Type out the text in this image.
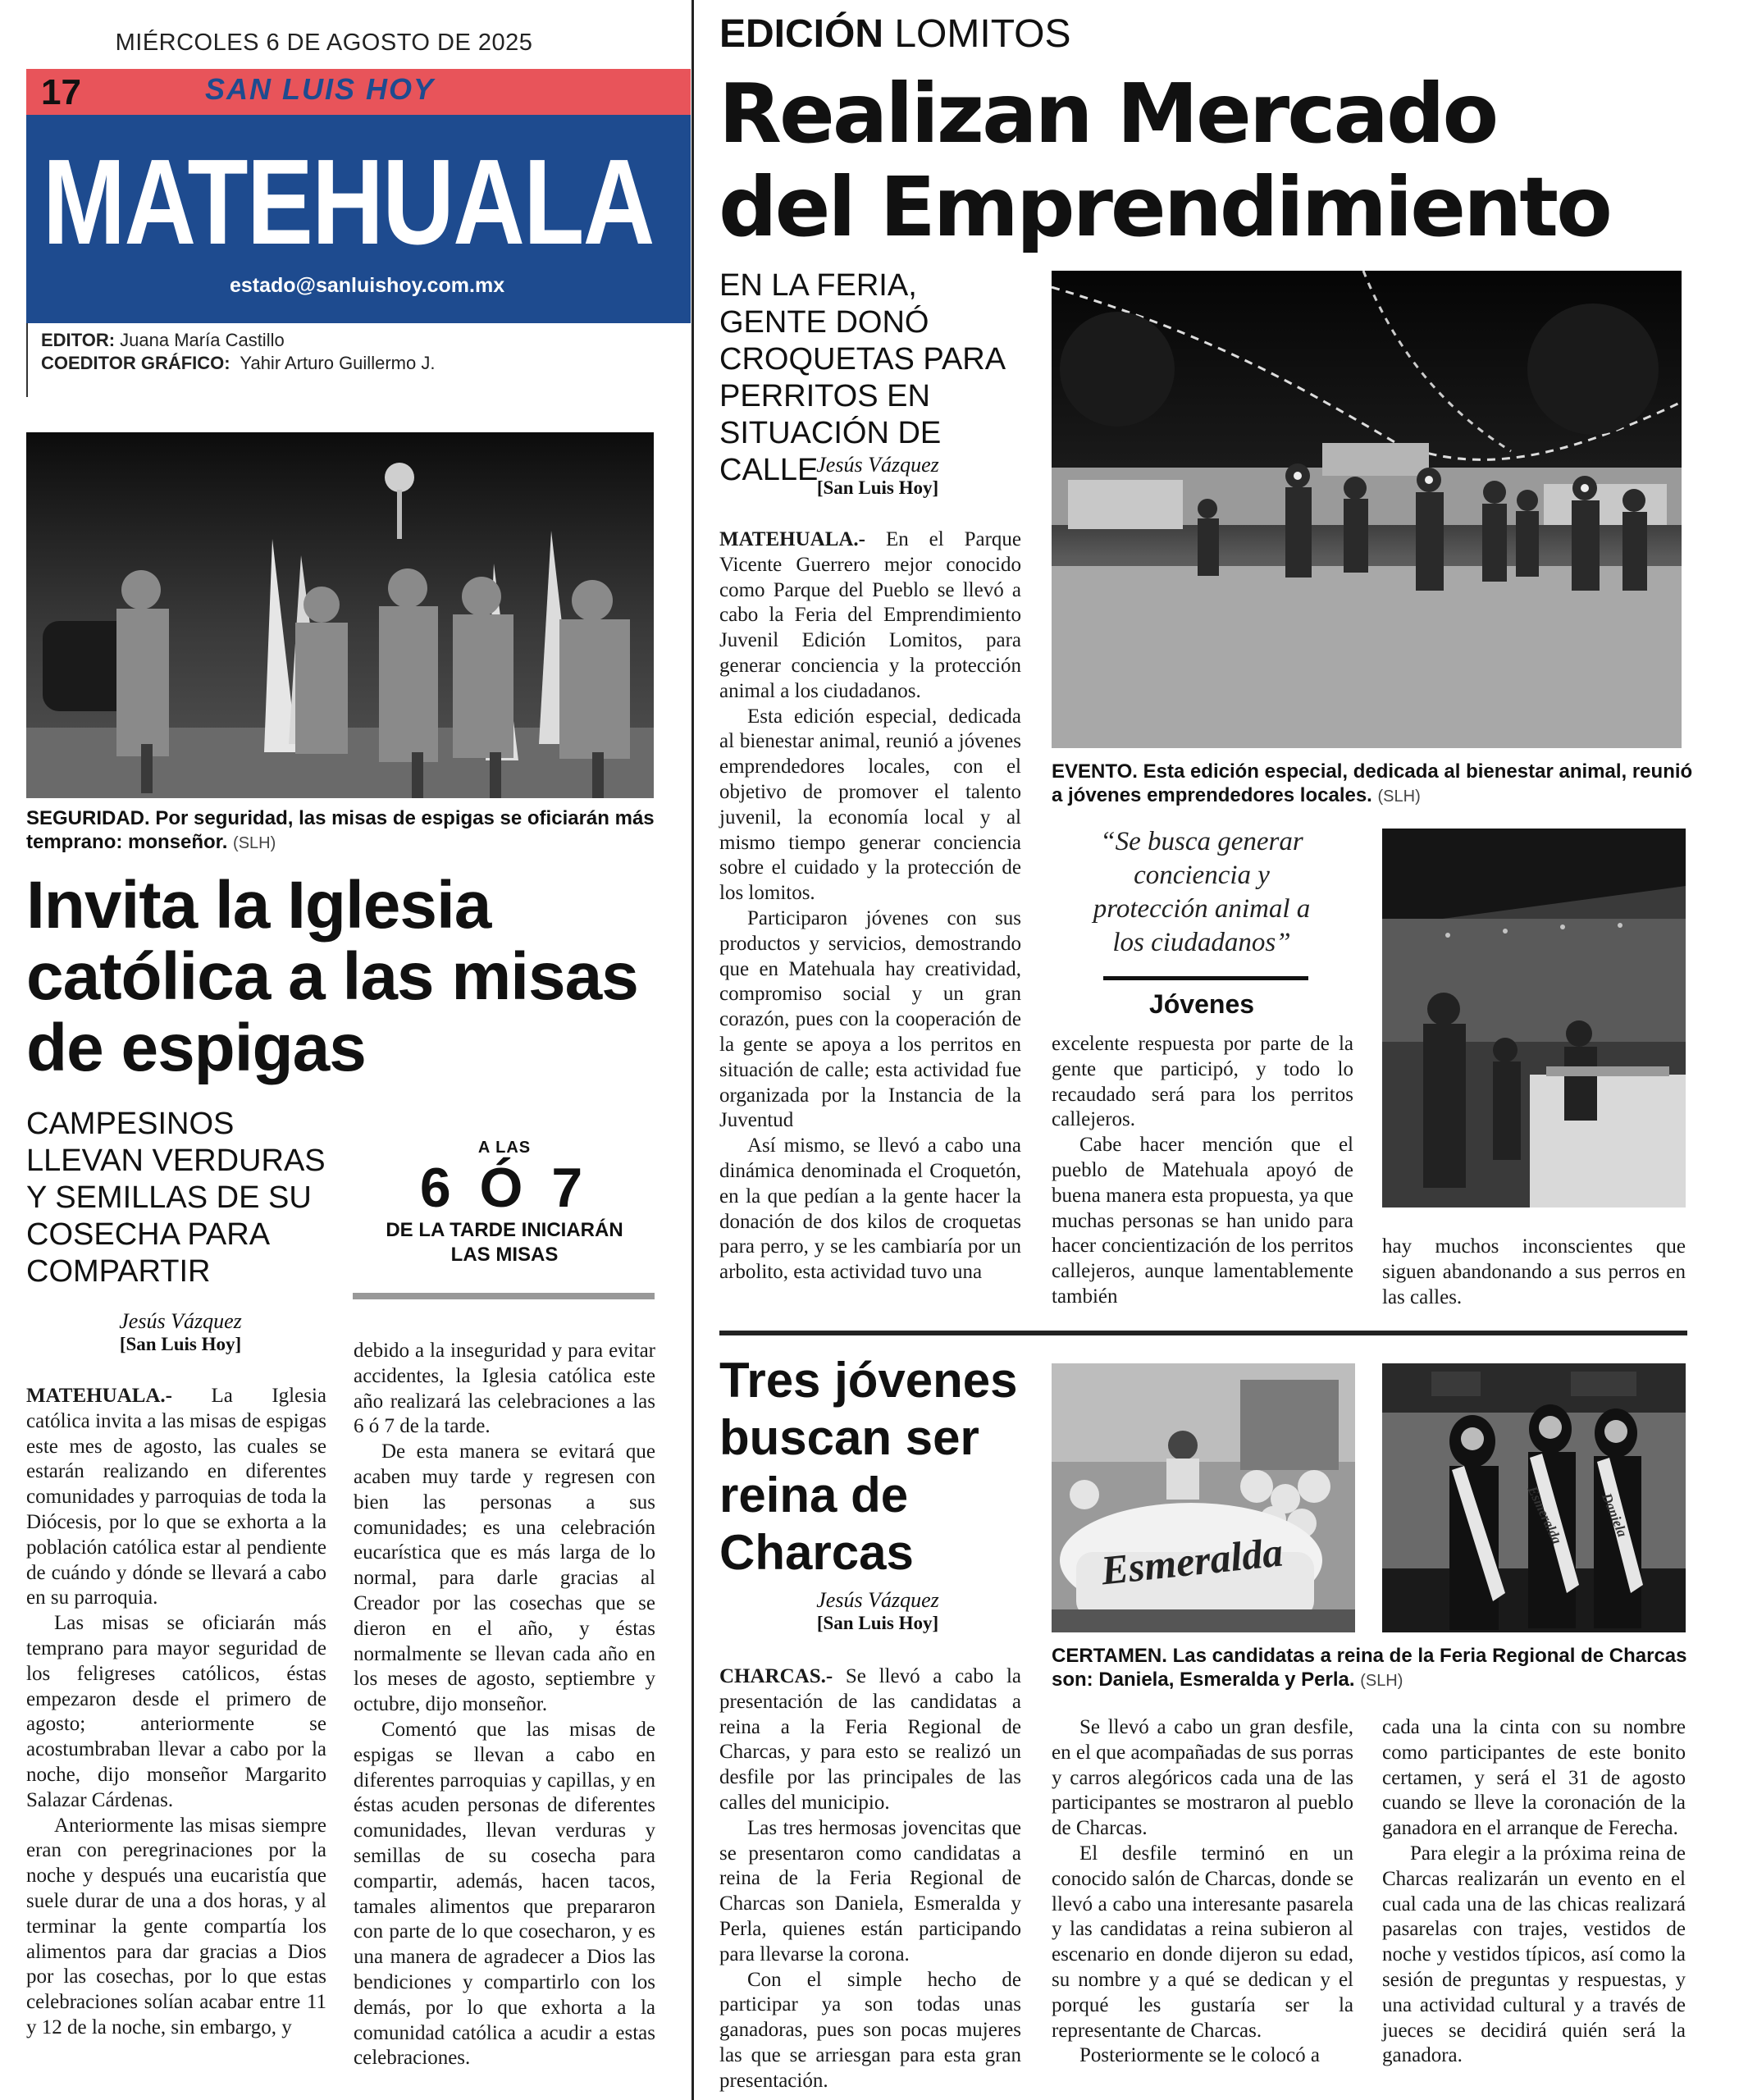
MIÉRCOLES 6 DE AGOSTO DE 2025
17	SAN LUIS HOY
MATEHUALA
estado@sanluishoy.com.mx
EDITOR: Juana María Castillo
COEDITOR GRÁFICO: Yahir Arturo Guillermo J.
SEGURIDAD. Por seguridad, las misas de espigas se oficiarán más temprano: monseñor. (SLH)
Invita la Iglesia católica a las misas de espigas
CAMPESINOS LLEVAN VERDURAS Y SEMILLAS DE SU COSECHA PARA COMPARTIR
A LAS
6 Ó 7
DE LA TARDE INICIARÁN LAS MISAS
Jesús Vázquez
[San Luis Hoy]

MATEHUALA.- La Iglesia católica invita a las misas de espigas este mes de agosto, las cuales se estarán realizando en diferentes comunidades y parroquias de toda la Diócesis, por lo que se exhorta a la población católica estar al pendiente de cuándo y dónde se llevará a cabo en su parroquia.

Las misas se oficiarán más temprano para mayor seguridad de los feligreses católicos, éstas empezaron desde el primero de agosto; anteriormente se acostumbraban llevar a cabo por la noche, dijo monseñor Margarito Salazar Cárdenas.

Anteriormente las misas siempre eran con peregrinaciones por la noche y después una eucaristía que suele durar de una a dos horas, y al terminar la gente compartía los alimentos para dar gracias a Dios por las cosechas, por lo que estas celebraciones solían acabar entre 11 y 12 de la noche, sin embargo, y

debido a la inseguridad y para evitar accidentes, la Iglesia católica este año realizará las celebraciones a las 6 ó 7 de la tarde.

De esta manera se evitará que acaben muy tarde y regresen con bien las personas a sus comunidades; es una celebración eucarística que es más larga de lo normal, para darle gracias al Creador por las cosechas que se dieron en el año, y éstas normalmente se llevan cada año en los meses de agosto, septiembre y octubre, dijo monseñor.

Comentó que las misas de espigas se llevan a cabo en diferentes parroquias y capillas, y en éstas acuden personas de diferentes comunidades, llevan verduras y semillas de su cosecha para compartir, además, hacen tacos, tamales alimentos que prepararon con parte de lo que cosecharon, y es una manera de agradecer a Dios las bendiciones y compartirlo con los demás, por lo que exhorta a la comunidad católica a acudir a estas celebraciones.

EDICIÓN LOMITOS
Realizan Mercado
del Emprendimiento
EN LA FERIA, GENTE DONÓ CROQUETAS PARA PERRITOS EN SITUACIÓN DE CALLE
Jesús Vázquez
[San Luis Hoy]

MATEHUALA.- En el Parque Vicente Guerrero mejor conocido como Parque del Pueblo se llevó a cabo la Feria del Emprendimiento Juvenil Edición Lomitos, para generar conciencia y la protección animal a los ciudadanos.

Esta edición especial, dedicada al bienestar animal, reunió a jóvenes emprendedores locales, con el objetivo de promover el talento juvenil, la economía local y al mismo tiempo generar conciencia sobre el cuidado y la protección de los lomitos.

Participaron jóvenes con sus productos y servicios, demostrando que en Matehuala hay creatividad, compromiso social y un gran corazón, pues con la cooperación de la gente se apoya a los perritos en situación de calle; esta actividad fue organizada por la Instancia de la Juventud

Así mismo, se llevó a cabo una dinámica denominada el Croquetón, en la que pedían a la gente hacer la donación de dos kilos de croquetas para perro, y se les cambiaría por un arbolito, esta actividad tuvo una

EVENTO. Esta edición especial, dedicada al bienestar animal, reunió a jóvenes emprendedores locales. (SLH)
“Se busca generar conciencia y protección animal a los ciudadanos”
Jóvenes

excelente respuesta por parte de la gente que participó, y todo lo recaudado será para los perritos callejeros.

Cabe hacer mención que el pueblo de Matehuala apoyó de buena manera esta propuesta, ya que muchas personas se han unido para hacer concientización de los perritos callejeros, aunque lamentablemente también

hay muchos inconscientes que siguen abandonando a sus perros en las calles.

Tres jóvenes buscan ser reina de Charcas
Jesús Vázquez
[San Luis Hoy]
Esmeralda
Esmeralda Daniela
CERTAMEN. Las candidatas a reina de la Feria Regional de Charcas son: Daniela, Esmeralda y Perla. (SLH)

CHARCAS.- Se llevó a cabo la presentación de las candidatas a reina a la Feria Regional de Charcas, y para esto se realizó un desfile por las principales de las calles del municipio.

Las tres hermosas jovencitas que se presentaron como candidatas a reina de la Feria Regional de Charcas son Daniela, Esmeralda y Perla, quienes están participando para llevarse la corona.

Con el simple hecho de participar ya son todas unas ganadoras, pues son pocas mujeres las que se arriesgan para esta gran presentación.

Se llevó a cabo un gran desfile, en el que acompañadas de sus porras y carros alegóricos cada una de las participantes se mostraron al pueblo de Charcas.

El desfile terminó en un conocido salón de Charcas, donde se llevó a cabo una interesante pasarela y las candidatas a reina subieron al escenario en donde dijeron su edad, su nombre y a qué se dedican y el porqué les gustaría ser la representante de Charcas.

Posteriormente se le colocó a

cada una la cinta con su nombre como participantes de este bonito certamen, y será el 31 de agosto cuando se lleve la coronación de la ganadora en el arranque de Ferecha.

Para elegir a la próxima reina de Charcas realizarán un evento en el cual cada una de las chicas realizará pasarelas con trajes, vestidos de noche y vestidos típicos, así como la sesión de preguntas y respuestas, y una actividad cultural y a través de jueces se decidirá quién será la ganadora.
